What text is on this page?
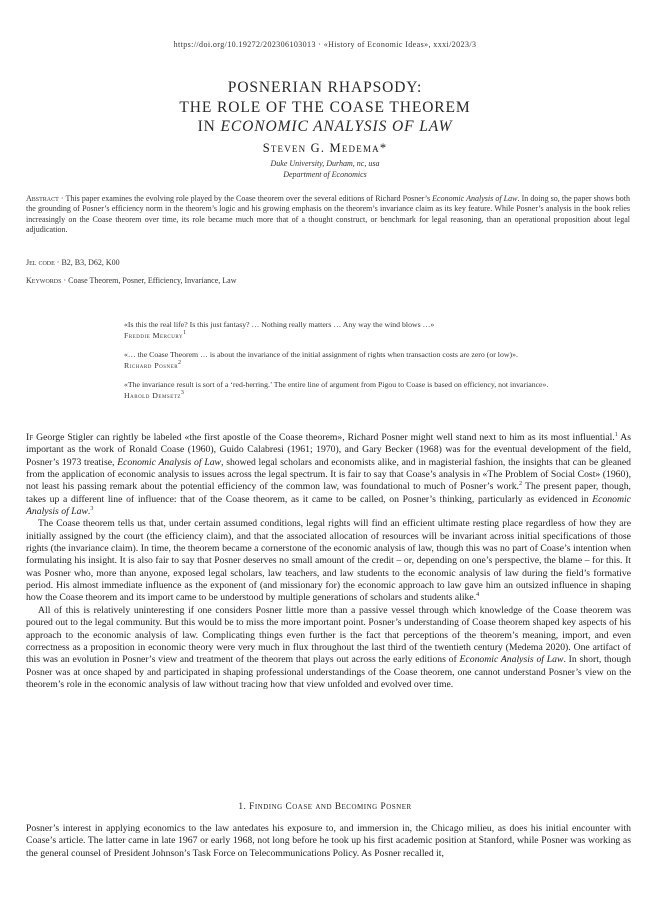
https://doi.org/10.19272/202306103013 · «History of Economic Ideas», xxxi/2023/3
POSNERIAN RHAPSODY:
THE ROLE OF THE COASE THEOREM
IN ECONOMIC ANALYSIS OF LAW
Steven G. Medema*
Duke University, Durham, nc, usa
Department of Economics
Abstract · This paper examines the evolving role played by the Coase theorem over the several editions of Richard Posner’s Economic Analysis of Law. In doing so, the paper shows both the grounding of Posner’s efficiency norm in the theorem’s logic and his growing emphasis on the theorem’s invariance claim as its key feature. While Posner’s analysis in the book relies increasingly on the Coase theorem over time, its role became much more that of a thought construct, or benchmark for legal reasoning, than an operational proposition about legal adjudication.
Jel code · B2, B3, D62, K00
Keywords · Coase Theorem, Posner, Efficiency, Invariance, Law

«Is this the real life? Is this just fantasy? … Nothing really matters … Any way the wind blows …»

Freddie Mercury$^1$

«… the Coase Theorem … is about the invariance of the initial assignment of rights when transaction costs are zero (or low)».

Richard Posner$^2$

«The invariance result is sort of a ‘red-herring.’ The entire line of argument from Pigou to Coase is based on efficiency, not invariance».

Harold Demsetz$^3$

If George Stigler can rightly be labeled «the first apostle of the Coase theorem», Richard Posner might well stand next to him as its most influential.$^1$ As important as the work of Ronald Coase (1960), Guido Calabresi (1961; 1970), and Gary Becker (1968) was for the eventual development of the field, Posner’s 1973 treatise, Economic Analysis of Law, showed legal scholars and economists alike, and in magisterial fashion, the insights that can be gleaned from the application of economic analysis to issues across the legal spectrum. It is fair to say that Coase’s analysis in «The Problem of Social Cost» (1960), not least his passing remark about the potential efficiency of the common law, was foundational to much of Posner’s work.$^2$ The present paper, though, takes up a different line of influence: that of the Coase theorem, as it came to be called, on Posner’s thinking, particularly as evidenced in Economic Analysis of Law.$^3$

The Coase theorem tells us that, under certain assumed conditions, legal rights will find an efficient ultimate resting place regardless of how they are initially assigned by the court (the efficiency claim), and that the associated allocation of resources will be invariant across initial specifications of those rights (the invariance claim). In time, the theorem became a cornerstone of the economic analysis of law, though this was no part of Coase’s intention when formulating his insight. It is also fair to say that Posner deserves no small amount of the credit – or, depending on one’s perspective, the blame – for this. It was Posner who, more than anyone, exposed legal scholars, law teachers, and law students to the economic analysis of law during the field’s formative period. His almost immediate influence as the exponent of (and missionary for) the economic approach to law gave him an outsized influence in shaping how the Coase theorem and its import came to be understood by multiple generations of scholars and students alike.$^4$

All of this is relatively uninteresting if one considers Posner little more than a passive vessel through which knowledge of the Coase theorem was poured out to the legal community. But this would be to miss the more important point. Posner’s understanding of Coase theorem shaped key aspects of his approach to the economic analysis of law. Complicating things even further is the fact that perceptions of the theorem’s meaning, import, and even correctness as a proposition in economic theory were very much in flux throughout the last third of the twentieth century (Medema 2020). One artifact of this was an evolution in Posner’s view and treatment of the theorem that plays out across the early editions of Economic Analysis of Law. In short, though Posner was at once shaped by and participated in shaping professional understandings of the Coase theorem, one cannot understand Posner’s view on the theorem’s role in the economic analysis of law without tracing how that view unfolded and evolved over time.

1. Finding Coase and Becoming Posner

Posner’s interest in applying economics to the law antedates his exposure to, and immersion in, the Chicago milieu, as does his initial encounter with Coase’s article. The latter came in late 1967 or early 1968, not long before he took up his first academic position at Stanford, while Posner was working as the general counsel of President Johnson’s Task Force on Telecommunications Policy. As Posner recalled it,
